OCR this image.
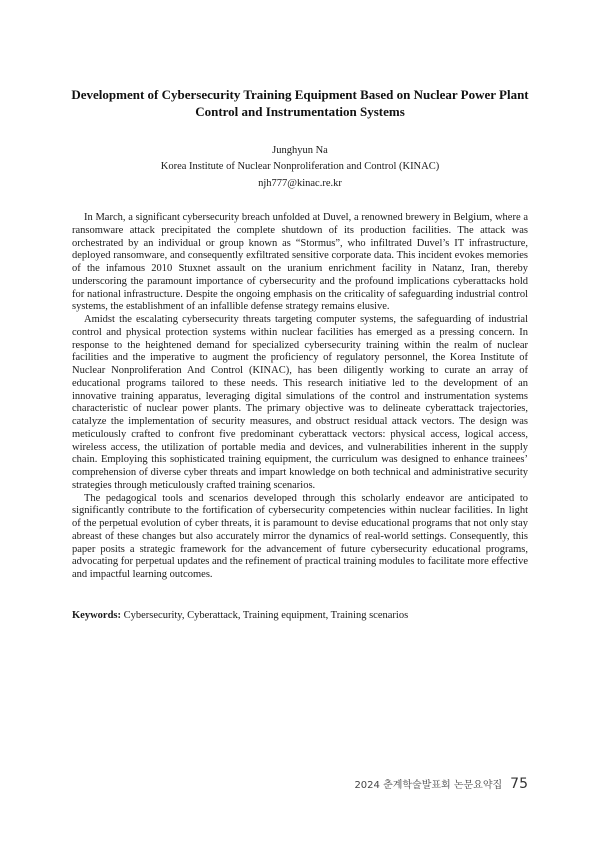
Development of Cybersecurity Training Equipment Based on Nuclear Power Plant Control and Instrumentation Systems
Junghyun Na
Korea Institute of Nuclear Nonproliferation and Control (KINAC)
njh777@kinac.re.kr

In March, a significant cybersecurity breach unfolded at Duvel, a renowned brewery in Belgium, where a ransomware attack precipitated the complete shutdown of its production facilities. The attack was orchestrated by an individual or group known as “Stormus”, who infiltrated Duvel’s IT infrastructure, deployed ransomware, and consequently exfiltrated sensitive corporate data. This incident evokes memories of the infamous 2010 Stuxnet assault on the uranium enrichment facility in Natanz, Iran, thereby underscoring the paramount importance of cybersecurity and the profound implications cyberattacks hold for national infrastructure. Despite the ongoing emphasis on the criticality of safeguarding industrial control systems, the establishment of an infallible defense strategy remains elusive.

Amidst the escalating cybersecurity threats targeting computer systems, the safeguarding of industrial control and physical protection systems within nuclear facilities has emerged as a pressing concern. In response to the heightened demand for specialized cybersecurity training within the realm of nuclear facilities and the imperative to augment the proficiency of regulatory personnel, the Korea Institute of Nuclear Nonproliferation And Control (KINAC), has been diligently working to curate an array of educational programs tailored to these needs. This research initiative led to the development of an innovative training apparatus, leveraging digital simulations of the control and instrumentation systems characteristic of nuclear power plants. The primary objective was to delineate cyberattack trajectories, catalyze the implementation of security measures, and obstruct residual attack vectors. The design was meticulously crafted to confront five predominant cyberattack vectors: physical access, logical access, wireless access, the utilization of portable media and devices, and vulnerabilities inherent in the supply chain. Employing this sophisticated training equipment, the curriculum was designed to enhance trainees’ comprehension of diverse cyber threats and impart knowledge on both technical and administrative security strategies through meticulously crafted training scenarios.

The pedagogical tools and scenarios developed through this scholarly endeavor are anticipated to significantly contribute to the fortification of cybersecurity competencies within nuclear facilities. In light of the perpetual evolution of cyber threats, it is paramount to devise educational programs that not only stay abreast of these changes but also accurately mirror the dynamics of real-world settings. Consequently, this paper posits a strategic framework for the advancement of future cybersecurity educational programs, advocating for perpetual updates and the refinement of practical training modules to facilitate more effective and impactful learning outcomes.

Keywords: Cybersecurity, Cyberattack, Training equipment, Training scenarios
2024 춘계학술발표회 논문요약집 75
